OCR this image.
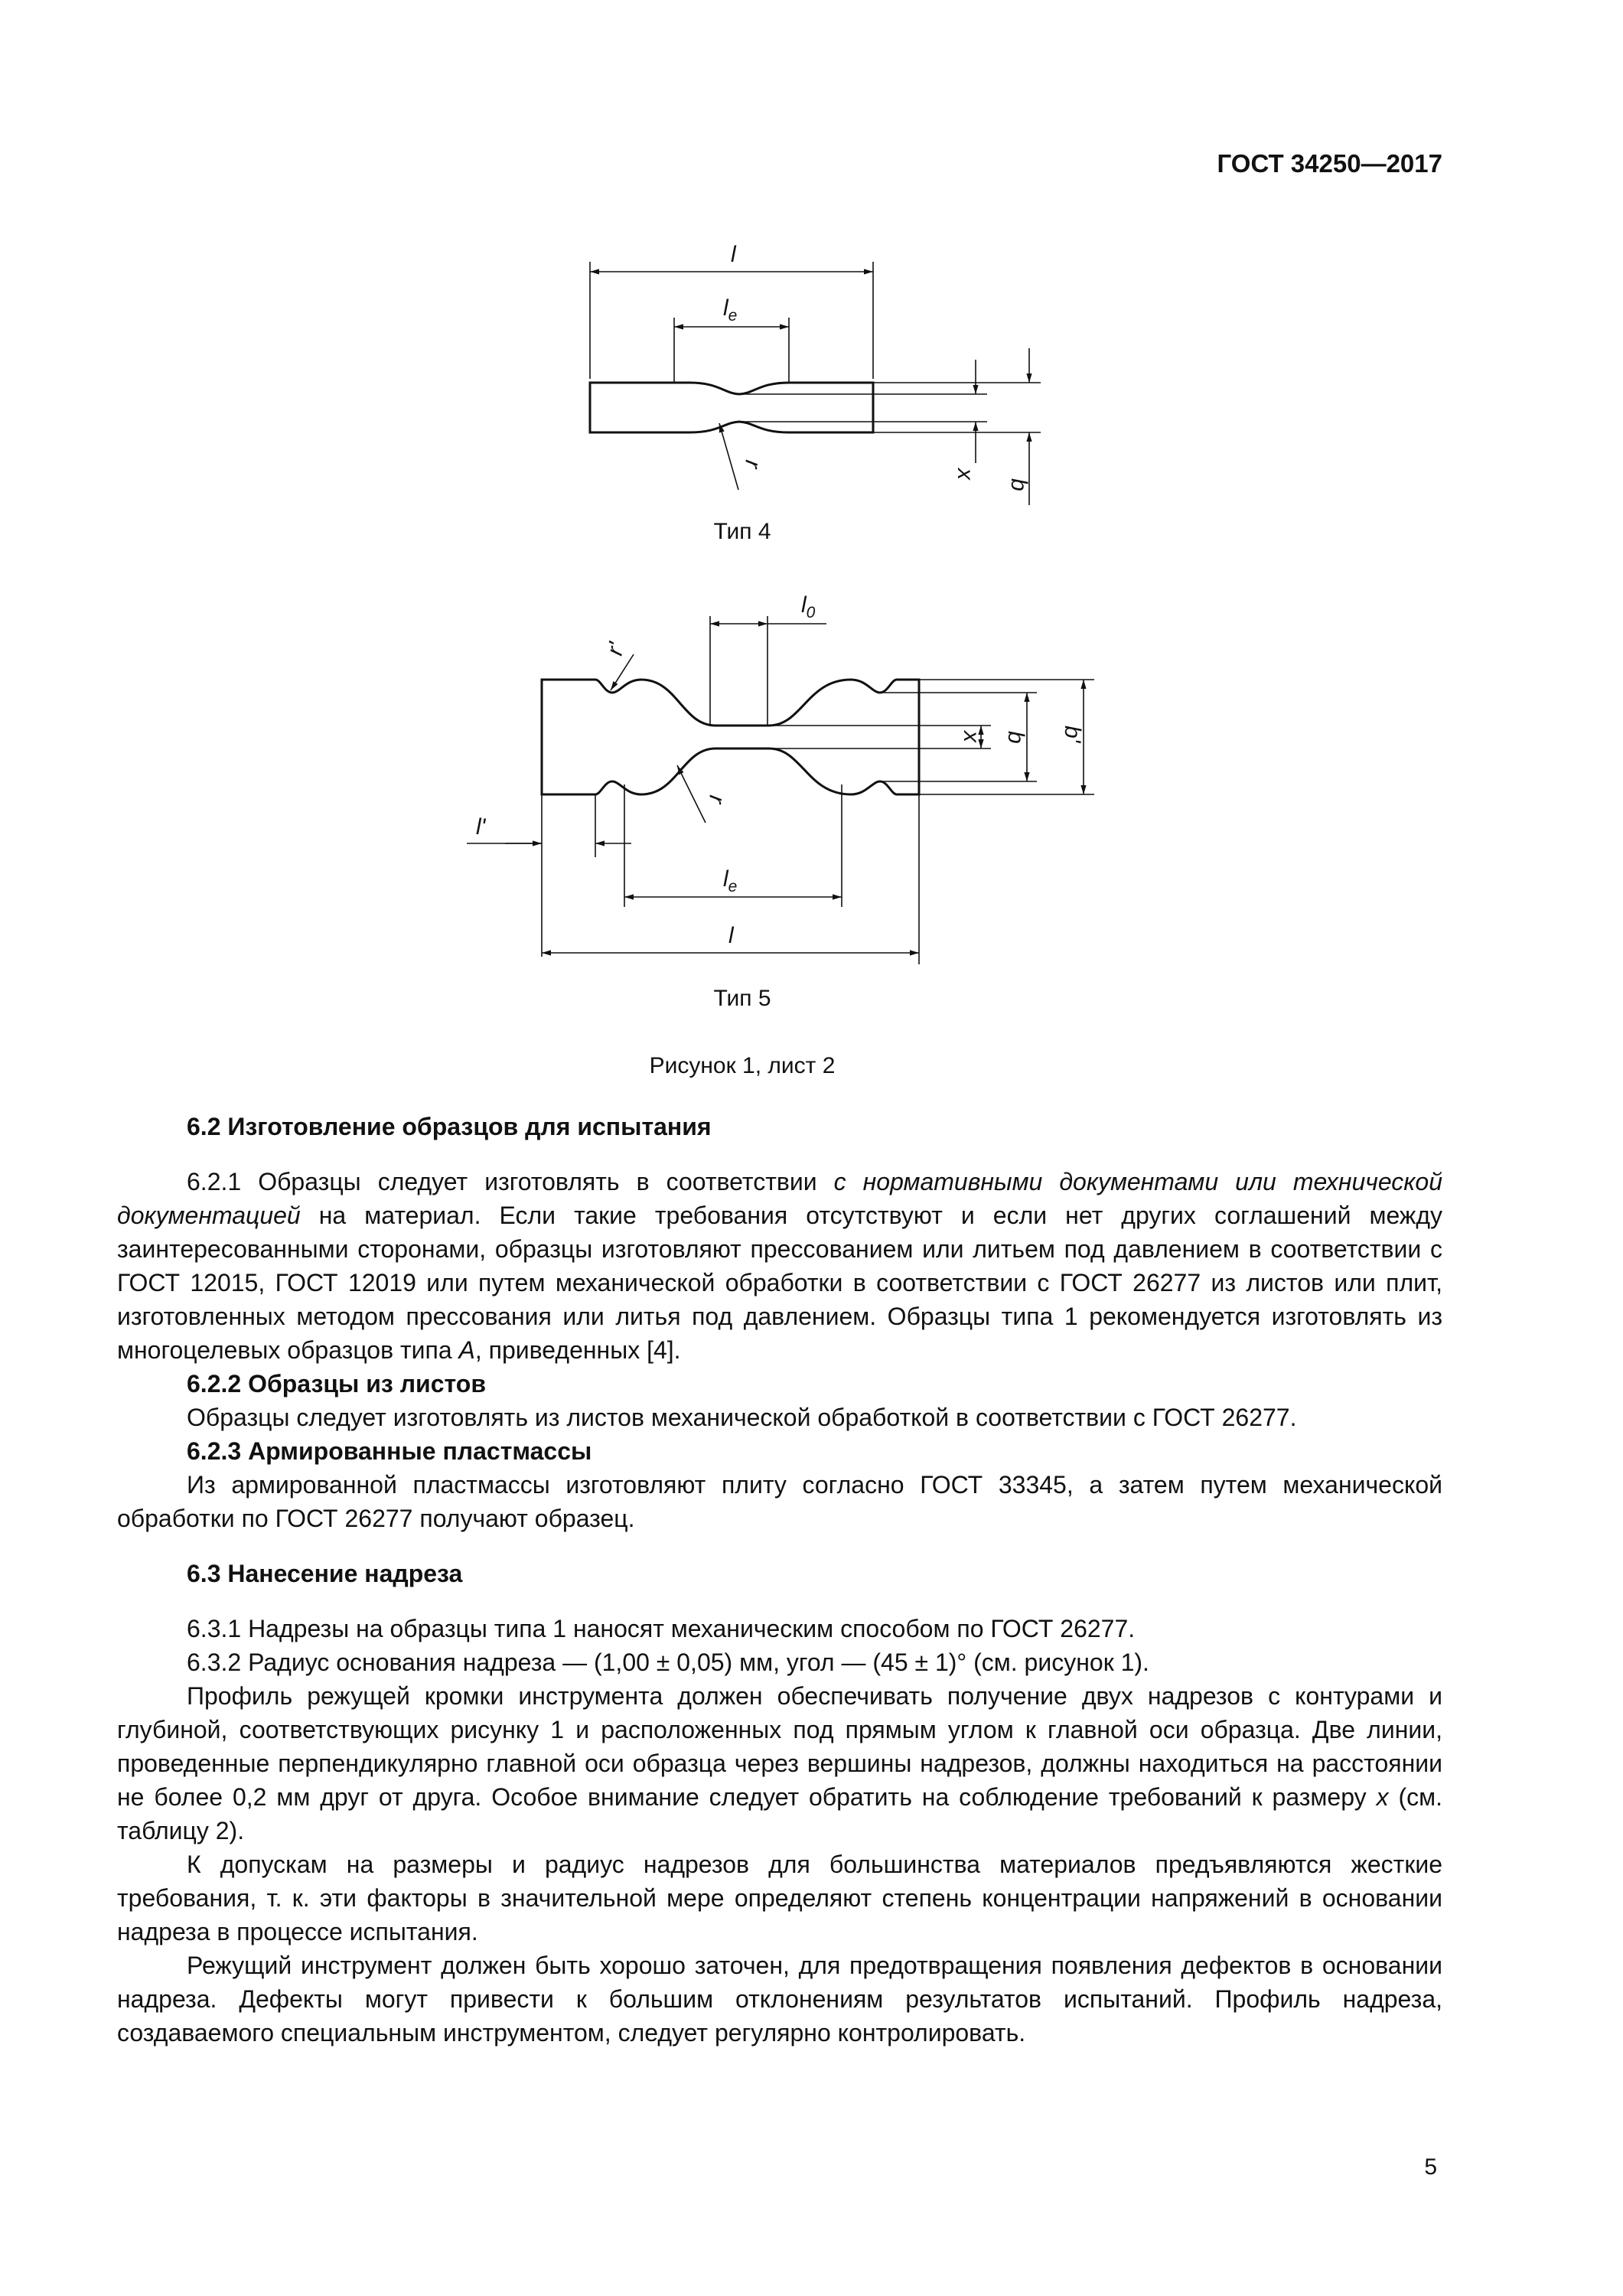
ГОСТ 34250—2017
l
$l_e$
r
x
b
r'
$l_0$
x b b'
r
l'
$l_e$
l
Тип 4
Тип 5
Рисунок 1, лист 2

6.2 Изготовление образцов для испытания

6.2.1 Образцы следует изготовлять в соответствии с нормативными документами или технической документацией на материал. Если такие требования отсутствуют и если нет других соглашений между заинтересованными сторонами, образцы изготовляют прессованием или литьем под давлением в соответствии с ГОСТ 12015, ГОСТ 12019 или путем механической обработки в соответствии с ГОСТ 26277 из листов или плит, изготовленных методом прессования или литья под давлением. Образцы типа 1 рекомендуется изготовлять из многоцелевых образцов типа А, приведенных [4].

6.2.2 Образцы из листов

Образцы следует изготовлять из листов механической обработкой в соответствии с ГОСТ 26277.

6.2.3 Армированные пластмассы

Из армированной пластмассы изготовляют плиту согласно ГОСТ 33345, а затем путем механической обработки по ГОСТ 26277 получают образец.

6.3 Нанесение надреза

6.3.1 Надрезы на образцы типа 1 наносят механическим способом по ГОСТ 26277.

6.3.2 Радиус основания надреза — (1,00 ± 0,05) мм, угол — (45 ± 1)° (см. рисунок 1).

Профиль режущей кромки инструмента должен обеспечивать получение двух надрезов с контурами и глубиной, соответствующих рисунку 1 и расположенных под прямым углом к главной оси образца. Две линии, проведенные перпендикулярно главной оси образца через вершины надрезов, должны находиться на расстоянии не более 0,2 мм друг от друга. Особое внимание следует обратить на соблюдение требований к размеру x (см. таблицу 2).

К допускам на размеры и радиус надрезов для большинства материалов предъявляются жесткие требования, т. к. эти факторы в значительной мере определяют степень концентрации напряжений в основании надреза в процессе испытания.

Режущий инструмент должен быть хорошо заточен, для предотвращения появления дефектов в основании надреза. Дефекты могут привести к большим отклонениям результатов испытаний. Профиль надреза, создаваемого специальным инструментом, следует регулярно контролировать.

5
